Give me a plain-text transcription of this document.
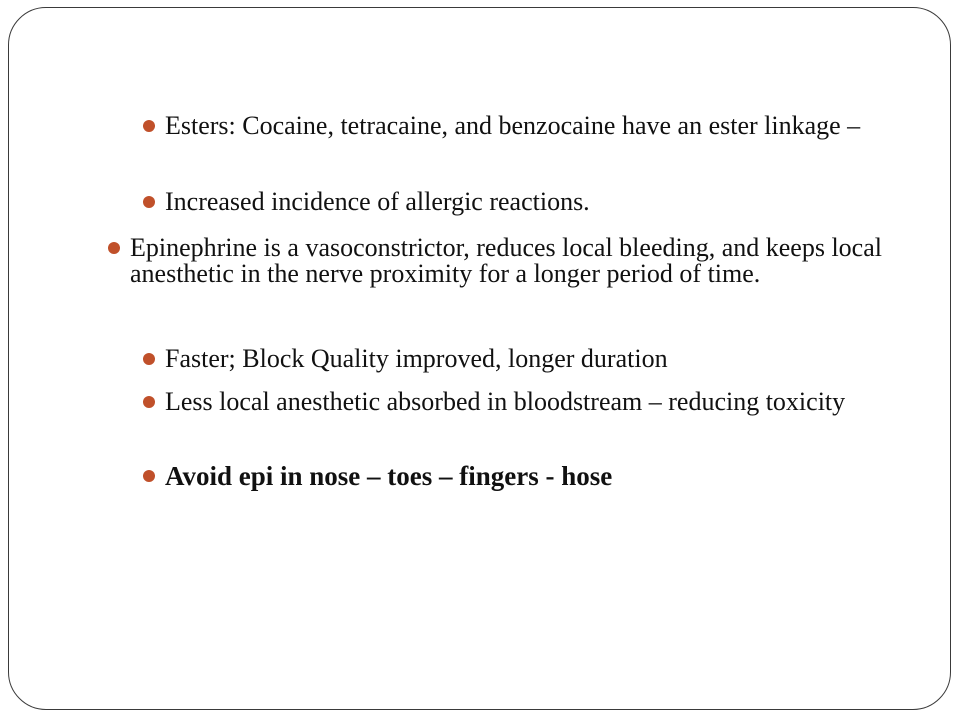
Esters: Cocaine, tetracaine, and benzocaine have an ester linkage –
Increased incidence of allergic reactions.
Epinephrine is a vasoconstrictor, reduces local bleeding, and keeps local anesthetic in the nerve proximity for a longer period of time.
Faster; Block Quality improved, longer duration
Less local anesthetic absorbed in bloodstream – reducing toxicity
Avoid epi in nose – toes – fingers - hose
